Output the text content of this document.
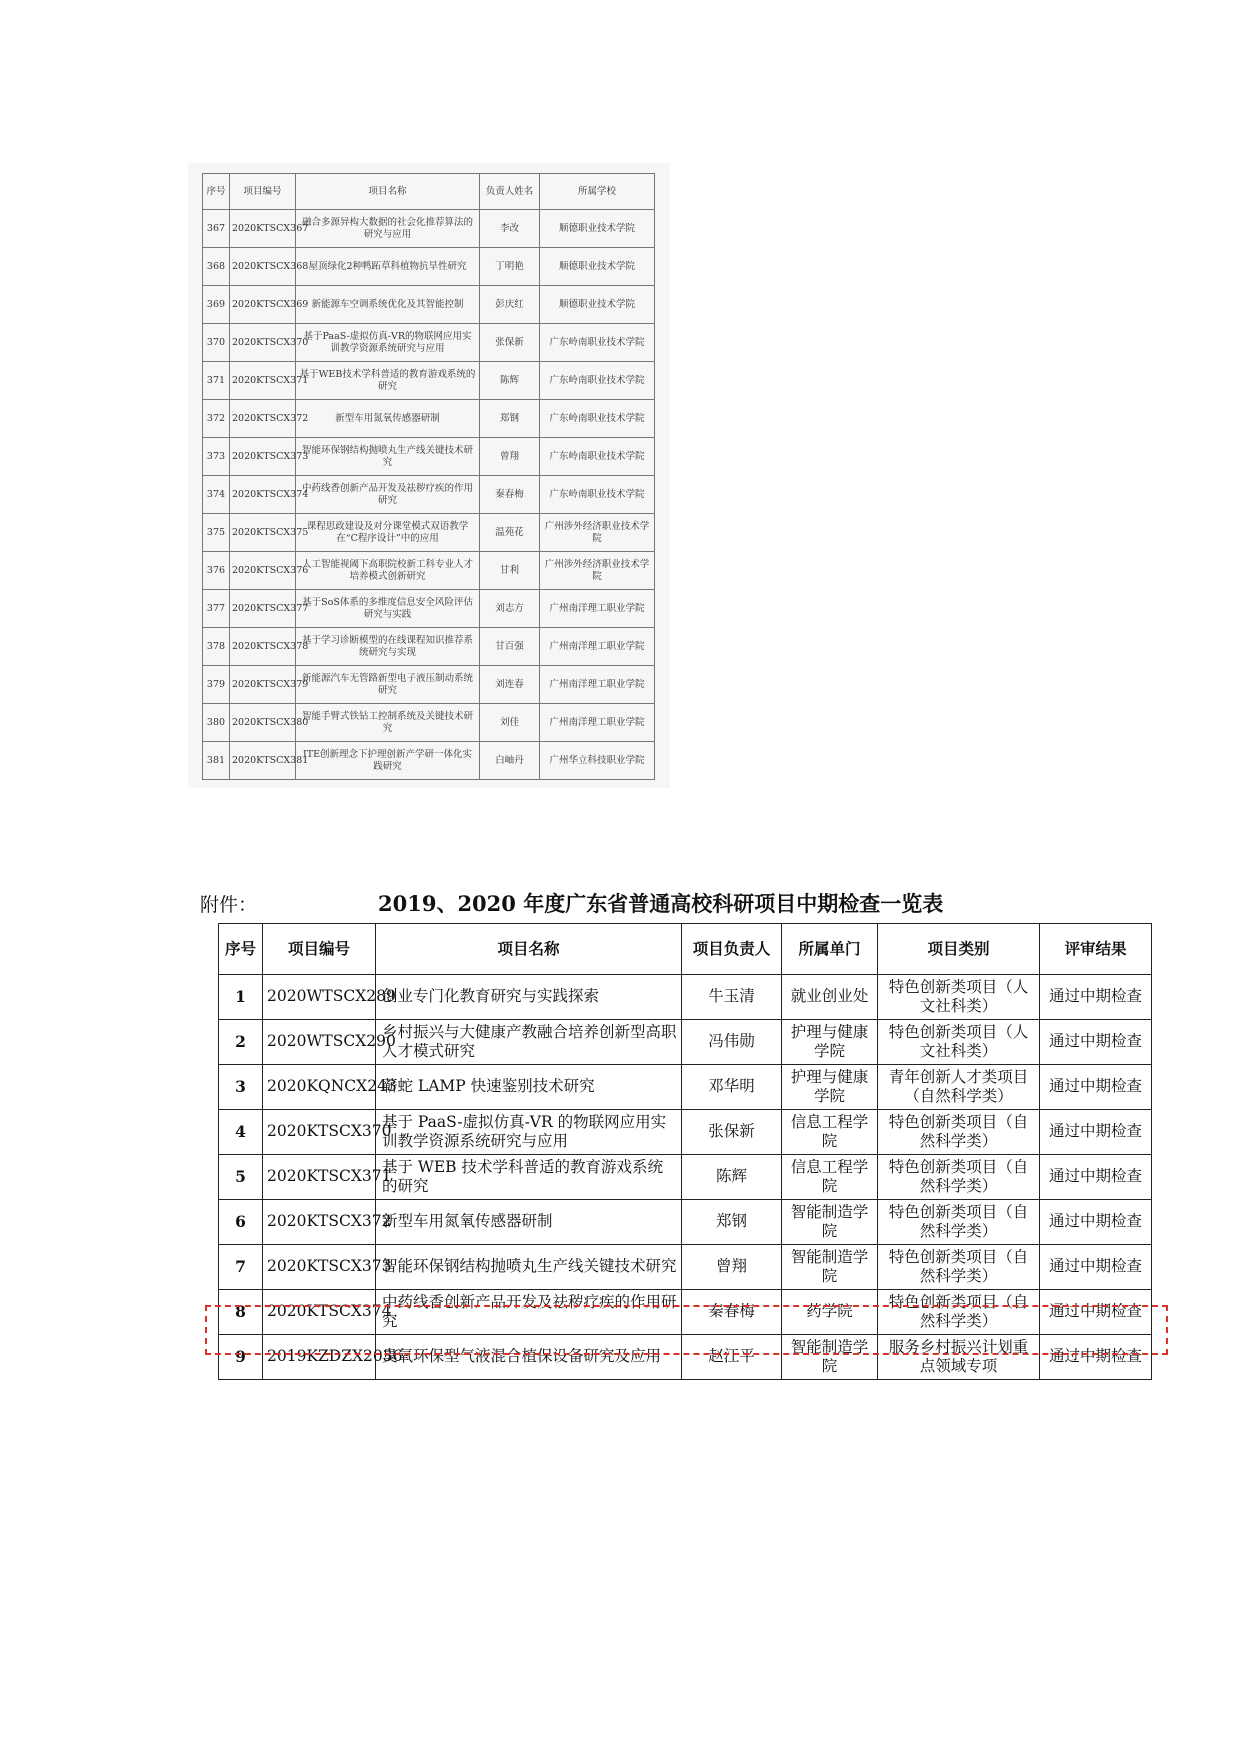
序号	项目编号	项目名称	负责人姓名	所属学校
367	2020KTSCX367	融合多源异构大数据的社会化推荐算法的研究与应用	李改	顺德职业技术学院
368	2020KTSCX368	屋顶绿化2种鸭跖草科植物抗旱性研究	丁明艳	顺德职业技术学院
369	2020KTSCX369	新能源车空调系统优化及其智能控制	彭庆红	顺德职业技术学院
370	2020KTSCX370	基于PaaS-虚拟仿真-VR的物联网应用实训教学资源系统研究与应用	张保新	广东岭南职业技术学院
371	2020KTSCX371	基于WEB技术学科普适的教育游戏系统的研究	陈辉	广东岭南职业技术学院
372	2020KTSCX372	新型车用氮氧传感器研制	郑钢	广东岭南职业技术学院
373	2020KTSCX373	智能环保钢结构抛喷丸生产线关键技术研究	曾翔	广东岭南职业技术学院
374	2020KTSCX374	中药线香创新产品开发及祛秽疗疾的作用研究	秦春梅	广东岭南职业技术学院
375	2020KTSCX375	课程思政建设及对分课堂模式双语教学在“C程序设计”中的应用	温苑花	广州涉外经济职业技术学院
376	2020KTSCX376	人工智能视阈下高职院校新工科专业人才培养模式创新研究	甘利	广州涉外经济职业技术学院
377	2020KTSCX377	基于SoS体系的多维度信息安全风险评估研究与实践	刘志方	广州南洋理工职业学院
378	2020KTSCX378	基于学习诊断模型的在线课程知识推荐系统研究与实现	甘百强	广州南洋理工职业学院
379	2020KTSCX379	新能源汽车无管路新型电子液压制动系统研究	刘连春	广州南洋理工职业学院
380	2020KTSCX380	智能手臂式铁钻工控制系统及关键技术研究	刘佳	广州南洋理工职业学院
381	2020KTSCX381	ITE创新理念下护理创新产学研一体化实践研究	白岫丹	广州华立科技职业学院
附件：	2019、2020 年度广东省普通高校科研项目中期检查一览表
序号	项目编号	项目名称	项目负责人	所属单门	项目类别	评审结果
1	2020WTSCX289	创业专门化教育研究与实践探索	牛玉清	就业创业处	特色创新类项目（人文社科类）	通过中期检查
2	2020WTSCX290	乡村振兴与大健康产教融合培养创新型高职人才模式研究	冯伟勋	护理与健康学院	特色创新类项目（人文社科类）	通过中期检查
3	2020KQNCX243	蕲蛇 LAMP 快速鉴别技术研究	邓华明	护理与健康学院	青年创新人才类项目（自然科学类）	通过中期检查
4	2020KTSCX370	基于 PaaS-虚拟仿真-VR 的物联网应用实训教学资源系统研究与应用	张保新	信息工程学院	特色创新类项目（自然科学类）	通过中期检查
5	2020KTSCX371	基于 WEB 技术学科普适的教育游戏系统的研究	陈辉	信息工程学院	特色创新类项目（自然科学类）	通过中期检查
6	2020KTSCX372	新型车用氮氧传感器研制	郑钢	智能制造学院	特色创新类项目（自然科学类）	通过中期检查
7	2020KTSCX373	智能环保钢结构抛喷丸生产线关键技术研究	曾翔	智能制造学院	特色创新类项目（自然科学类）	通过中期检查
8	2020KTSCX374	中药线香创新产品开发及祛秽疗疾的作用研究	秦春梅	药学院	特色创新类项目（自然科学类）	通过中期检查
9	2019KZDZX2036	臭氧环保型气液混合植保设备研究及应用	赵江平	智能制造学院	服务乡村振兴计划重点领域专项	通过中期检查
